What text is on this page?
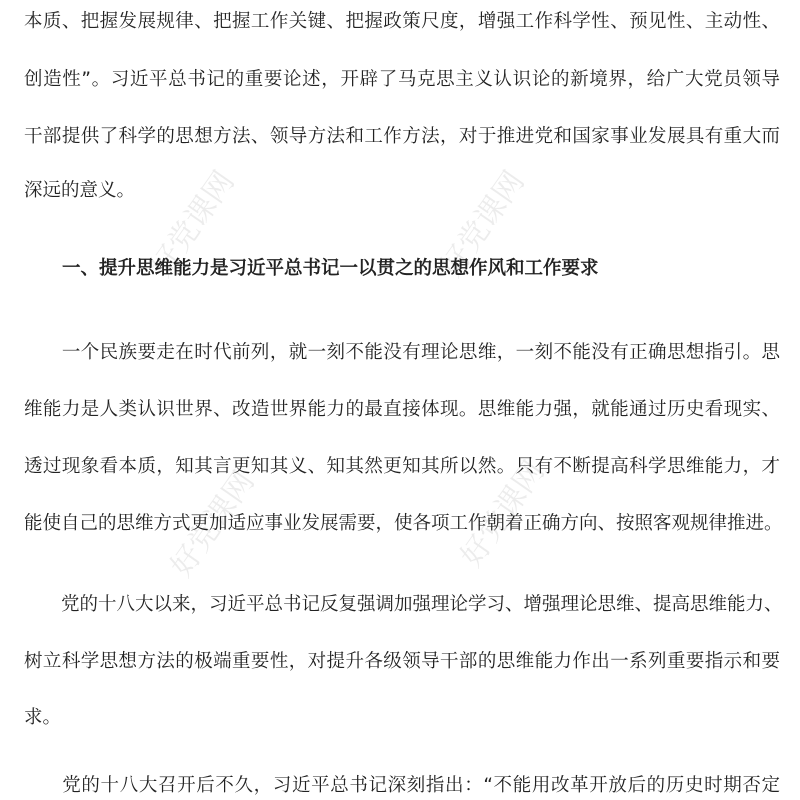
好党课网	好党课网
好党课网	好党课网
本质、把握发展规律、把握工作关键、把握政策尺度，增强工作科学性、预见性、主动性、
创造性”。习近平总书记的重要论述，开辟了马克思主义认识论的新境界，给广大党员领导
干部提供了科学的思想方法、领导方法和工作方法，对于推进党和国家事业发展具有重大而
深远的意义。
一、提升思维能力是习近平总书记一以贯之的思想作风和工作要求
　　一个民族要走在时代前列，就一刻不能没有理论思维，一刻不能没有正确思想指引。思
维能力是人类认识世界、改造世界能力的最直接体现。思维能力强，就能通过历史看现实、
透过现象看本质，知其言更知其义、知其然更知其所以然。只有不断提高科学思维能力，才
能使自己的思维方式更加适应事业发展需要，使各项工作朝着正确方向、按照客观规律推进。
　　党的十八大以来，习近平总书记反复强调加强理论学习、增强理论思维、提高思维能力、
树立科学思想方法的极端重要性，对提升各级领导干部的思维能力作出一系列重要指示和要
求。
　　党的十八大召开后不久，习近平总书记深刻指出：“不能用改革开放后的历史时期否定
